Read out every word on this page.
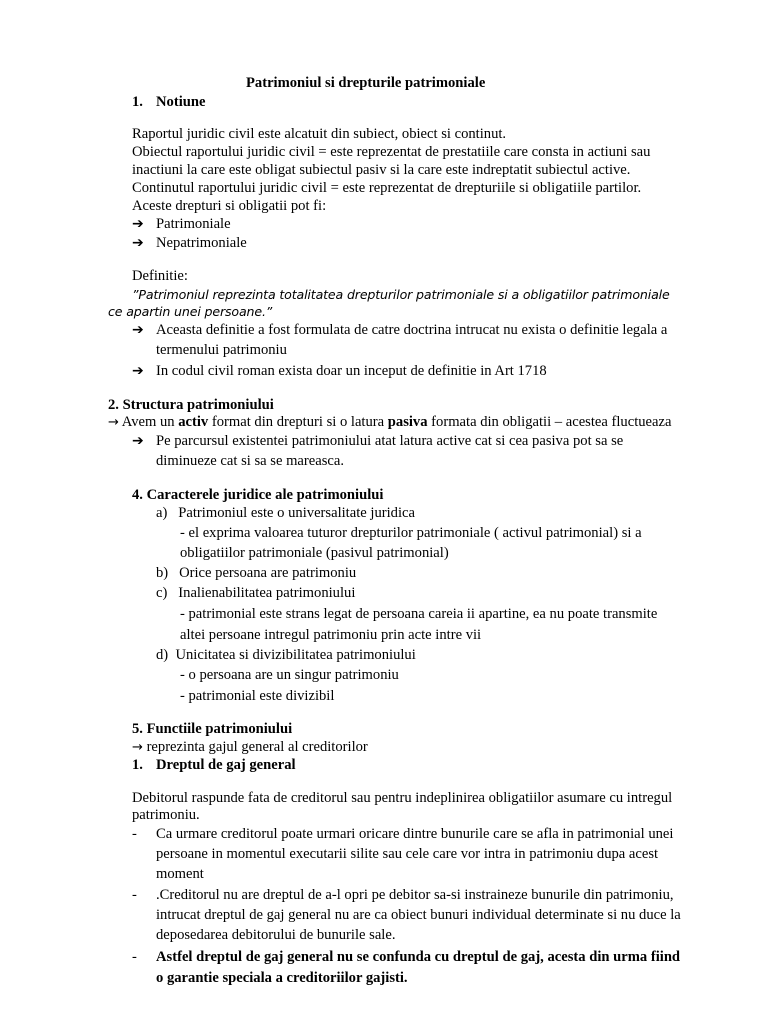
Patrimoniul si drepturile patrimoniale
1. Notiune
Raportul juridic civil este alcatuit din subiect, obiect si continut.
Obiectul raportului juridic civil = este reprezentat de prestatiile care consta in actiuni sau
inactiuni la care este obligat subiectul pasiv si la care este indreptatit subiectul active.
Continutul raportului juridic civil = este reprezentat de drepturiile si obligatiile partilor.
Aceste drepturi si obligatii pot fi:
➔ Patrimoniale
➔ Nepatrimoniale
Definitie:
”Patrimoniul reprezinta totalitatea drepturilor patrimoniale si a obligatiilor patrimoniale
ce apartin unei persoane.”
➔ Aceasta definitie a fost formulata de catre doctrina intrucat nu exista o definitie legala a
termenului patrimoniu
➔ In codul civil roman exista doar un inceput de definitie in Art 1718
2. Structura patrimoniului
→ Avem un activ format din drepturi si o latura pasiva formata din obligatii – acestea fluctueaza
➔ Pe parcursul existentei patrimoniului atat latura active cat si cea pasiva pot sa se
diminueze cat si sa se mareasca.
4. Caracterele juridice ale patrimoniului
a)   Patrimoniul este o universalitate juridica
- el exprima valoarea tuturor drepturilor patrimoniale ( activul patrimonial) si a
obligatiilor patrimoniale (pasivul patrimonial)
b)   Orice persoana are patrimoniu
c)   Inalienabilitatea patrimoniului
- patrimonial este strans legat de persoana careia ii apartine, ea nu poate transmite
altei persoane intregul patrimoniu prin acte intre vii
d)  Unicitatea si divizibilitatea patrimoniului
- o persoana are un singur patrimoniu
- patrimonial este divizibil
5. Functiile patrimoniului
→ reprezinta gajul general al creditorilor
1. Dreptul de gaj general
Debitorul raspunde fata de creditorul sau pentru indeplinirea obligatiilor asumare cu intregul
patrimoniu.
- Ca urmare creditorul poate urmari oricare dintre bunurile care se afla in patrimonial unei
persoane in momentul executarii silite sau cele care vor intra in patrimoniu dupa acest
moment
- .Creditorul nu are dreptul de a-l opri pe debitor sa-si instraineze bunurile din patrimoniu,
intrucat dreptul de gaj general nu are ca obiect bunuri individual determinate si nu duce la
deposedarea debitorului de bunurile sale.
- Astfel dreptul de gaj general nu se confunda cu dreptul de gaj, acesta din urma fiind
o garantie speciala a creditoriilor gajisti.
